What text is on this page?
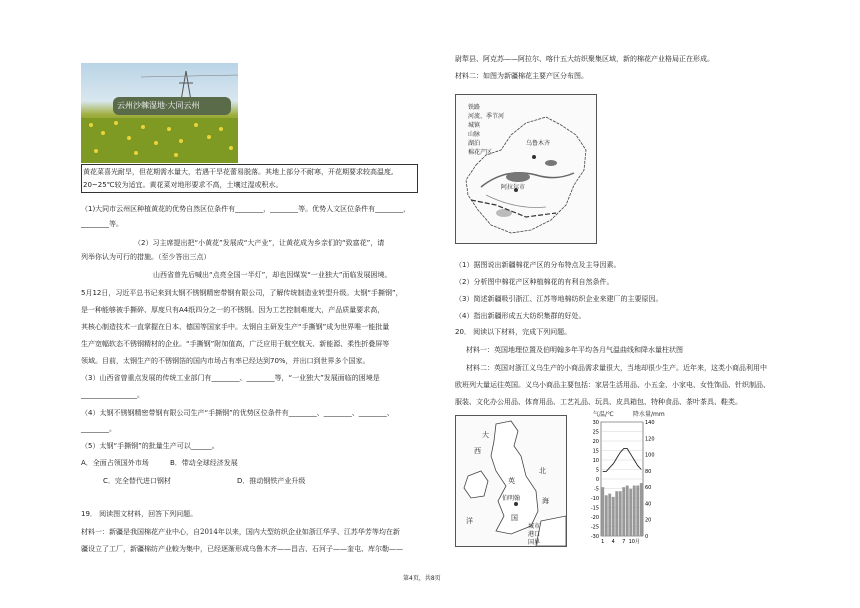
云州沙棘湿地·大同云州
黄花菜喜光耐旱，但花期需水量大，若遇干旱花蕾易脱落。其地上部分不耐寒，开花期要求较高温度,
20~25℃较为适宜。黄花菜对地形要求不高，土壤过湿或积水。
（1)大同市云州区种植黄花的优势自然区位条件有________，________等。优势人文区位条件有________，
________等。
（2）习主席提出把“小黄花”发展成“大产业”，让黄花成为乡亲们的“致富花”，请
列举你认为可行的措施。（至少答出三点）
山西省曾先后喊出“点亮全国一半灯”，却也因煤炭“一业独大”而临发展困境。
5月12日，习近平总书记来到太钢不锈钢精密带钢有限公司，了解传统制造业转型升级。太钢“手撕钢”，
是一种能够被手撕碎、厚度只有A4纸四分之一的不锈钢。因为工艺控制难度大，产品质量要求高，
其核心制造技术一直掌握在日本、德国等国家手中。太钢自主研发生产“手撕钢”成为世界唯一能批量
生产宽幅软态不锈钢精材的企业。“手撕钢”附加值高，广泛应用于航空航天、新能源、柔性折叠屏等
领域。目前，太钢生产的不锈钢箔的国内市场占有率已经达到70%，并出口到世界多个国家。
（3）山西省曾重点发展的传统工业部门有________、________等，“一业独大”发展面临的困境是
________________。
（4）太钢不锈钢精密带钢有限公司生产“手撕钢”的优势区位条件有________、________、________、
________。
（5）太钢“手撕钢”的批量生产可以______。
A．全面占领国外市场	B．带动全球经济发展
C．完全替代进口钢材	D．推动钢铁产业升级
19． 阅读图文材料，回答下列问题。
材料一：新疆是我国棉花产业中心，自2014年以来，国内大型纺织企业如浙江华孚、江苏华芳等均在新
疆设立了工厂，新疆棉纺产业較为集中，已经逐渐形成乌鲁木齐——昌吉、石河子——奎屯、库尔勒——
尉犁县、阿克苏——阿拉尔、喀什五大纺织聚集区域，新的棉花产业格局正在形成。
材料二：如图为新疆棉花主要产区分布图。
铁路
河流、季节河
城镇
山脉
湖泊
棉花产区
乌鲁木齐
阿拉尔市
（1）据图说出新疆棉花产区的分布特点及主导因素。
（2）分析图中棉花产区种植棉花的有利自然条件。
（3）简述新疆吸引浙江、江苏等地棉纺织企业来建厂的主要原因。
（4）指出新疆形成五大纺织集群的好处。
20． 阅读以下材料，完成下列问题。
材料一：英国地理位置及伯明翰多年平均各月气温曲线和降水量柱状图
材料二：英国对浙江义乌生产的小商品需求量很大，当地却很少生产。近年来，这类小商品利用中
欧班列大量运往英国。义乌小商品主要包括：家居生活用品、小五金、小家电、女性饰品、针织制品、
服装、文化办公用品、体育用品、工艺礼品、玩具、皮具箱包、特种食品、茶叶茶具、鞋类。
大
西
英
国
北
海
伯明翰
洋
城市
港口
国界
气温/℃	降水量/mm
30
25
20
15
10
5
0
-5
-10
-15
-20
-25
-30
140
120
100
80
60
40
20
0
1 4 7 10月
第4页，共8页
